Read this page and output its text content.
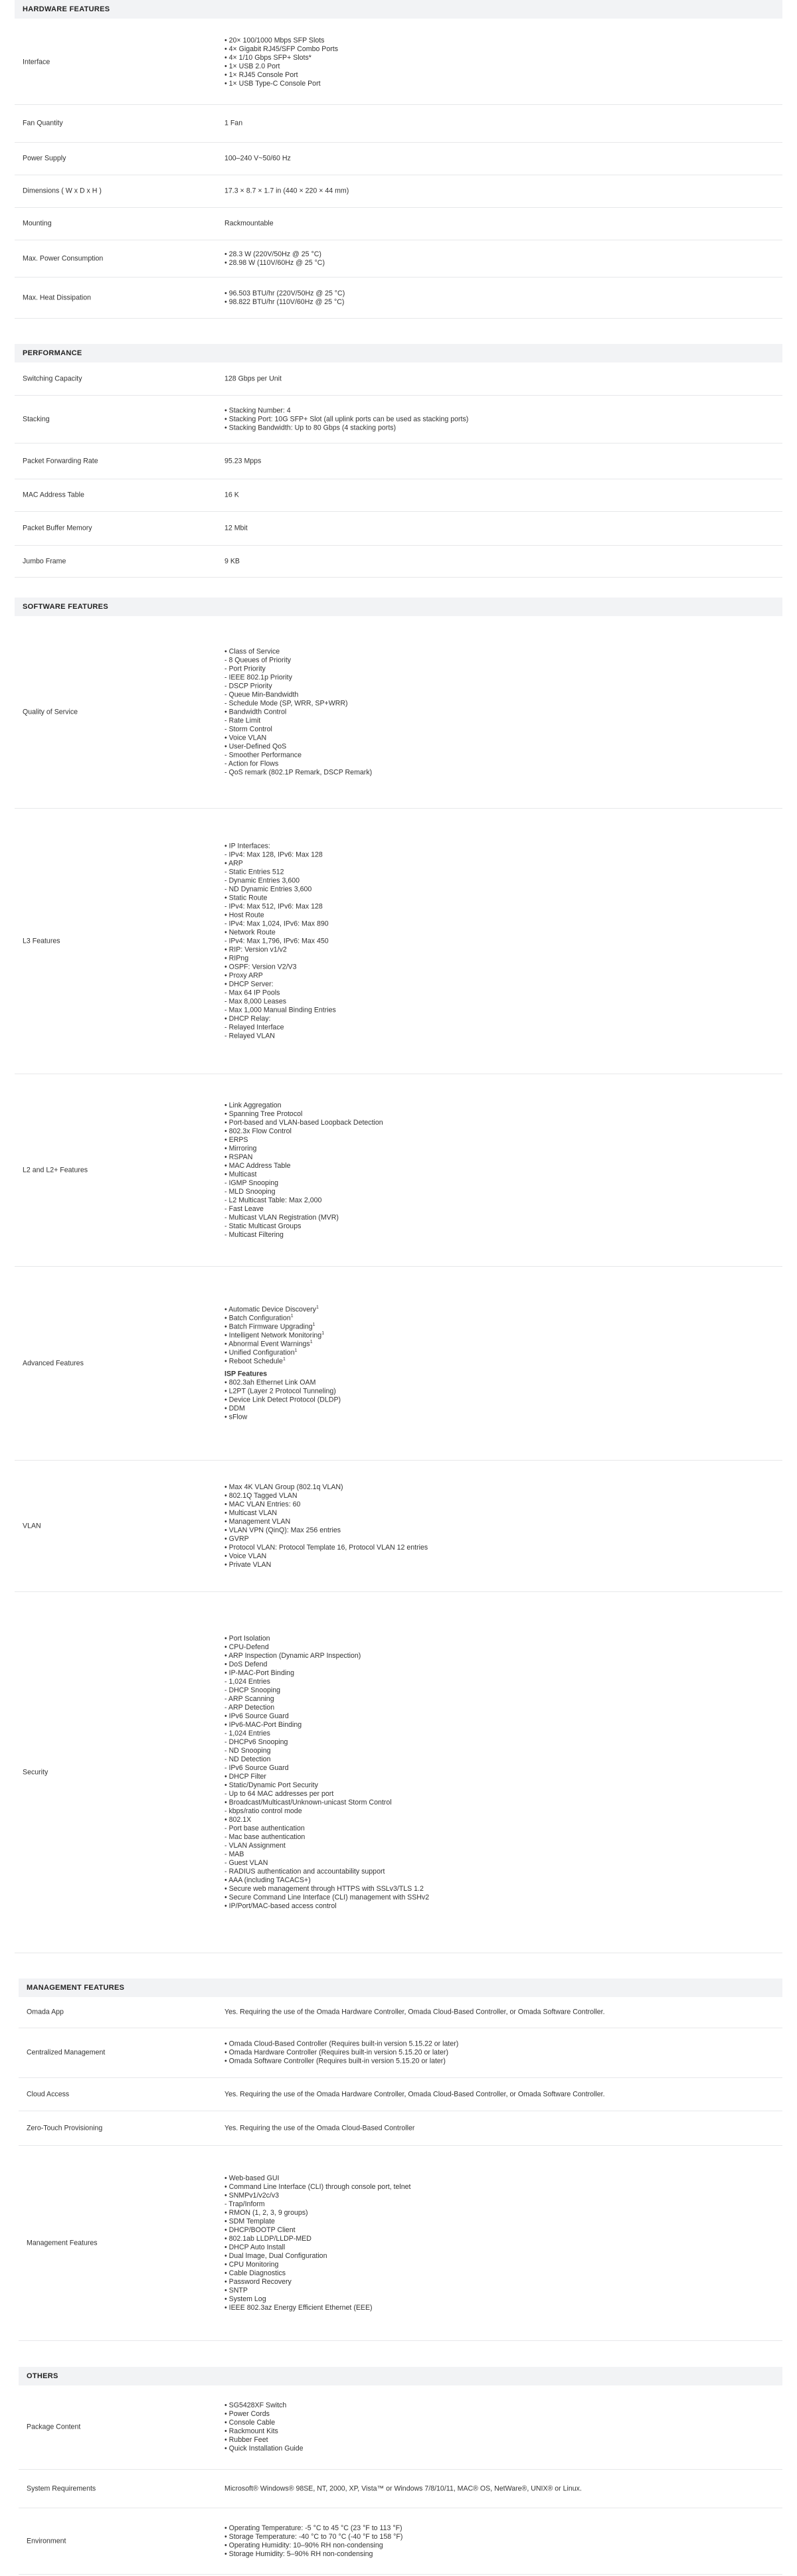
HARDWARE FEATURES
Interface
• 20× 100/1000 Mbps SFP Slots
• 4× Gigabit RJ45/SFP Combo Ports
• 4× 1/10 Gbps SFP+ Slots*
• 1× USB 2.0 Port
• 1× RJ45 Console Port
• 1× USB Type-C Console Port
Fan Quantity	1 Fan
Power Supply	100–240 V~50/60 Hz
Dimensions ( W x D x H )	17.3 × 8.7 × 1.7 in (440 × 220 × 44 mm)
Mounting	Rackmountable
Max. Power Consumption
• 28.3 W (220V/50Hz @ 25 °C)
• 28.98 W (110V/60Hz @ 25 °C)
Max. Heat Dissipation
• 96.503 BTU/hr (220V/50Hz @ 25 °C)
• 98.822 BTU/hr (110V/60Hz @ 25 °C)
PERFORMANCE
Switching Capacity	128 Gbps per Unit
Stacking
• Stacking Number: 4
• Stacking Port: 10G SFP+ Slot (all uplink ports can be used as stacking ports)
• Stacking Bandwidth: Up to 80 Gbps (4 stacking ports)
Packet Forwarding Rate	95.23 Mpps
MAC Address Table	16 K
Packet Buffer Memory	12 Mbit
Jumbo Frame	9 KB
SOFTWARE FEATURES
Quality of Service
• Class of Service
- 8 Queues of Priority
- Port Priority
- IEEE 802.1p Priority
- DSCP Priority
- Queue Min-Bandwidth
- Schedule Mode (SP, WRR, SP+WRR)
• Bandwidth Control
- Rate Limit
- Storm Control
• Voice VLAN
• User-Defined QoS
- Smoother Performance
- Action for Flows
- QoS remark (802.1P Remark, DSCP Remark)
L3 Features
• IP Interfaces:
- IPv4: Max 128, IPv6: Max 128
• ARP
- Static Entries 512
- Dynamic Entries 3,600
- ND Dynamic Entries 3,600
• Static Route
- IPv4: Max 512, IPv6: Max 128
• Host Route
- IPv4: Max 1,024, IPv6: Max 890
• Network Route
- IPv4: Max 1,796, IPv6: Max 450
• RIP: Version v1/v2
• RIPng
• OSPF: Version V2/V3
• Proxy ARP
• DHCP Server:
- Max 64 IP Pools
- Max 8,000 Leases
- Max 1,000 Manual Binding Entries
• DHCP Relay:
- Relayed Interface
- Relayed VLAN
L2 and L2+ Features
• Link Aggregation
• Spanning Tree Protocol
• Port-based and VLAN-based Loopback Detection
• 802.3x Flow Control
• ERPS
• Mirroring
• RSPAN
• MAC Address Table
• Multicast
- IGMP Snooping
- MLD Snooping
- L2 Multicast Table: Max 2,000
- Fast Leave
- Multicast VLAN Registration (MVR)
- Static Multicast Groups
- Multicast Filtering
Advanced Features
• Automatic Device Discovery$^1$
• Batch Configuration$^1$
• Batch Firmware Upgrading$^1$
• Intelligent Network Monitoring$^1$
• Abnormal Event Warnings$^1$
• Unified Configuration$^1$
• Reboot Schedule$^1$
ISP Features
• 802.3ah Ethernet Link OAM
• L2PT (Layer 2 Protocol Tunneling)
• Device Link Detect Protocol (DLDP)
• DDM
• sFlow
VLAN
• Max 4K VLAN Group (802.1q VLAN)
• 802.1Q Tagged VLAN
• MAC VLAN Entries: 60
• Multicast VLAN
• Management VLAN
• VLAN VPN (QinQ): Max 256 entries
• GVRP
• Protocol VLAN: Protocol Template 16, Protocol VLAN 12 entries
• Voice VLAN
• Private VLAN
Security
• Port Isolation
• CPU-Defend
• ARP Inspection (Dynamic ARP Inspection)
• DoS Defend
• IP-MAC-Port Binding
- 1,024 Entries
- DHCP Snooping
- ARP Scanning
- ARP Detection
• IPv6 Source Guard
• IPv6-MAC-Port Binding
- 1,024 Entries
- DHCPv6 Snooping
- ND Snooping
- ND Detection
- IPv6 Source Guard
• DHCP Filter
• Static/Dynamic Port Security
- Up to 64 MAC addresses per port
• Broadcast/Multicast/Unknown-unicast Storm Control
- kbps/ratio control mode
• 802.1X
- Port base authentication
- Mac base authentication
- VLAN Assignment
- MAB
- Guest VLAN
- RADIUS authentication and accountability support
• AAA (including TACACS+)
• Secure web management through HTTPS with SSLv3/TLS 1.2
• Secure Command Line Interface (CLI) management with SSHv2
• IP/Port/MAC-based access control
MANAGEMENT FEATURES
Omada App	Yes. Requiring the use of the Omada Hardware Controller, Omada Cloud-Based Controller, or Omada Software Controller.
Centralized Management
• Omada Cloud-Based Controller (Requires built-in version 5.15.22 or later)
• Omada Hardware Controller (Requires built-in version 5.15.20 or later)
• Omada Software Controller (Requires built-in version 5.15.20 or later)
Cloud Access	Yes. Requiring the use of the Omada Hardware Controller, Omada Cloud-Based Controller, or Omada Software Controller.
Zero-Touch Provisioning	Yes. Requiring the use of the Omada Cloud-Based Controller
Management Features
• Web-based GUI
• Command Line Interface (CLI) through console port, telnet
• SNMPv1/v2c/v3
- Trap/Inform
• RMON (1, 2, 3, 9 groups)
• SDM Template
• DHCP/BOOTP Client
• 802.1ab LLDP/LLDP-MED
• DHCP Auto Install
• Dual Image, Dual Configuration
• CPU Monitoring
• Cable Diagnostics
• Password Recovery
• SNTP
• System Log
• IEEE 802.3az Energy Efficient Ethernet (EEE)
OTHERS
Package Content
• SG5428XF Switch
• Power Cords
• Console Cable
• Rackmount Kits
• Rubber Feet
• Quick Installation Guide
System Requirements	Microsoft® Windows® 98SE, NT, 2000, XP, Vista™ or Windows 7/8/10/11, MAC® OS, NetWare®, UNIX® or Linux.
Environment
• Operating Temperature: -5 °C to 45 °C (23 °F to 113 °F)
• Storage Temperature: -40 °C to 70 °C (-40 °F to 158 °F)
• Operating Humidity: 10–90% RH non-condensing
• Storage Humidity: 5–90% RH non-condensing
